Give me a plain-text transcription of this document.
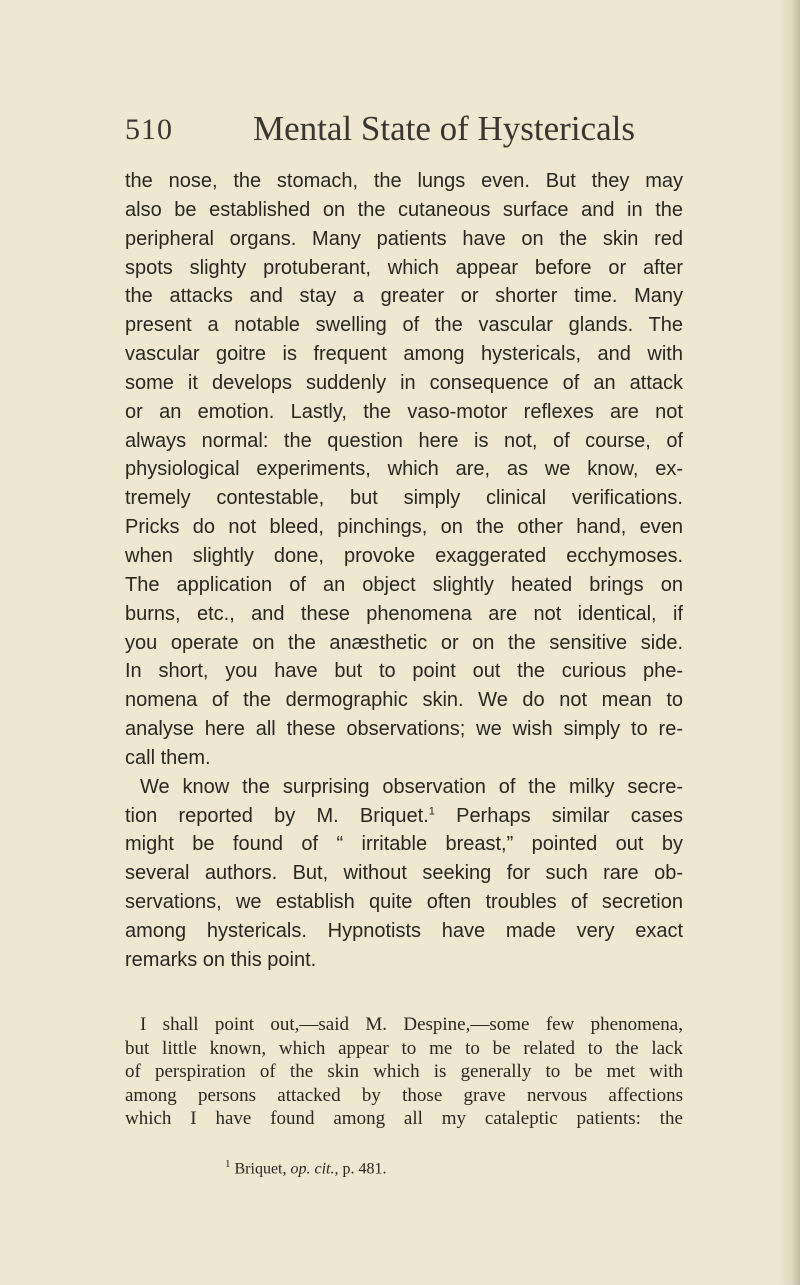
510 Mental State of Hystericals
the nose, the stomach, the lungs even. But they may
also be established on the cutaneous surface and in the
peripheral organs. Many patients have on the skin red
spots slighty protuberant, which appear before or after
the attacks and stay a greater or shorter time. Many
present a notable swelling of the vascular glands. The
vascular goitre is frequent among hystericals, and with
some it develops suddenly in consequence of an attack
or an emotion. Lastly, the vaso-motor reflexes are not
always normal: the question here is not, of course, of
physiological experiments, which are, as we know, ex-
tremely contestable, but simply clinical verifications.
Pricks do not bleed, pinchings, on the other hand, even
when slightly done, provoke exaggerated ecchymoses.
The application of an object slightly heated brings on
burns, etc., and these phenomena are not identical, if
you operate on the anæsthetic or on the sensitive side.
In short, you have but to point out the curious phe-
nomena of the dermographic skin. We do not mean to
analyse here all these observations; we wish simply to re-
call them.
We know the surprising observation of the milky secre-
tion reported by M. Briquet.$^1$ Perhaps similar cases
might be found of “ irritable breast,” pointed out by
several authors. But, without seeking for such rare ob-
servations, we establish quite often troubles of secretion
among hystericals. Hypnotists have made very exact
remarks on this point.
I shall point out,—said M. Despine,—some few phenomena,
but little known, which appear to me to be related to the lack
of perspiration of the skin which is generally to be met with
among persons attacked by those grave nervous affections
which I have found among all my cataleptic patients: the
$^1$ Briquet, op. cit., p. 481.
